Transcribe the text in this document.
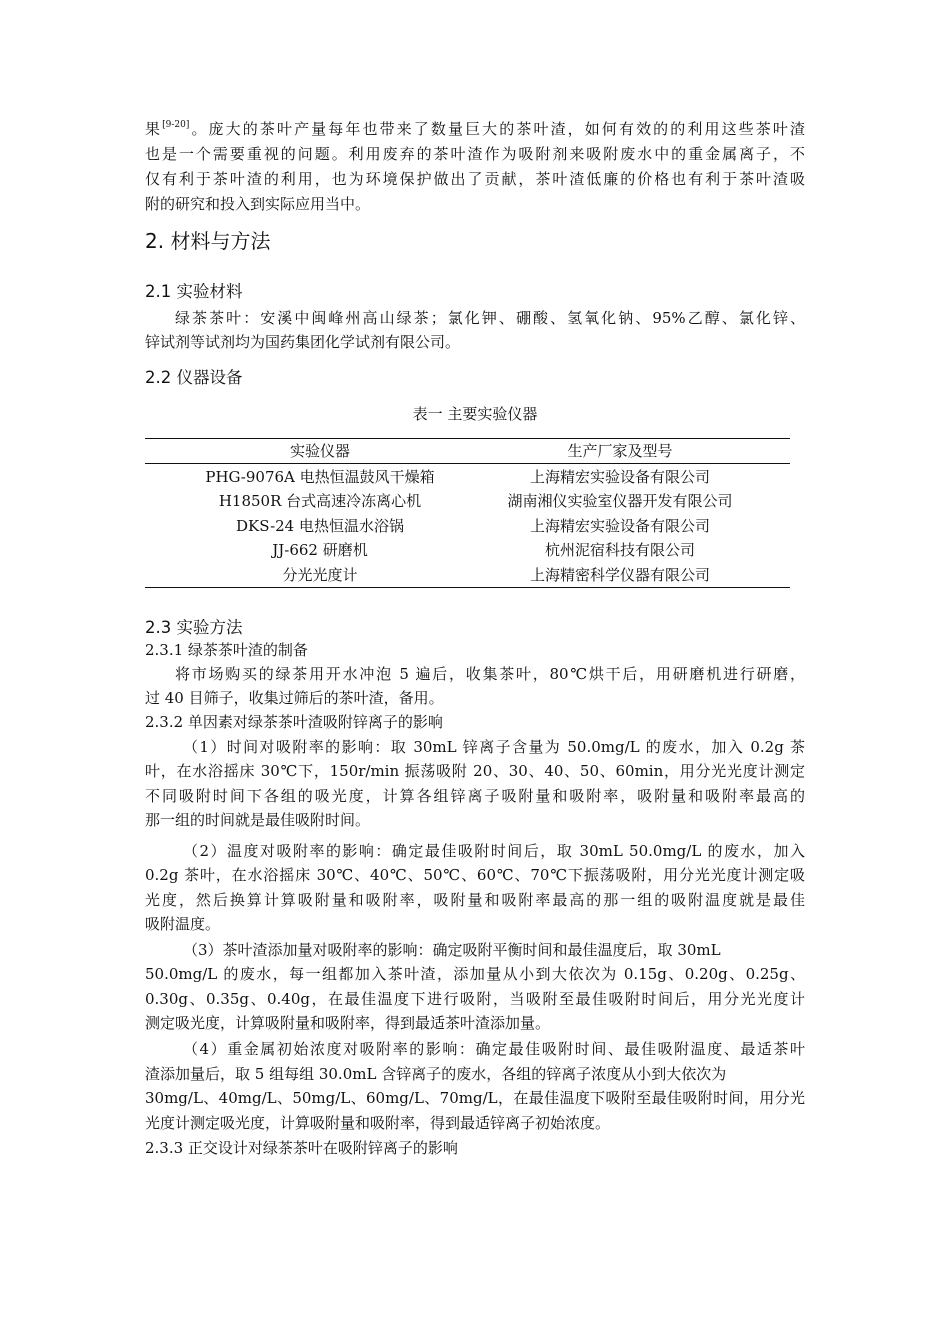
果[9-20]。庞大的茶叶产量每年也带来了数量巨大的茶叶渣，如何有效的的利用这些茶叶渣
也是一个需要重视的问题。利用废弃的茶叶渣作为吸附剂来吸附废水中的重金属离子，不
仅有利于茶叶渣的利用，也为环境保护做出了贡献，茶叶渣低廉的价格也有利于茶叶渣吸
附的研究和投入到实际应用当中。
2. 材料与方法
2.1 实验材料
绿茶茶叶：安溪中闽峰州高山绿茶；氯化钾、硼酸、氢氧化钠、95%乙醇、氯化锌、
锌试剂等试剂均为国药集团化学试剂有限公司。
2.2 仪器设备
表一 主要实验仪器
实验仪器	生产厂家及型号
PHG-9076A 电热恒温鼓风干燥箱	上海精宏实验设备有限公司
H1850R 台式高速冷冻离心机	湖南湘仪实验室仪器开发有限公司
DKS-24 电热恒温水浴锅	上海精宏实验设备有限公司
JJ-662 研磨机	杭州泥宿科技有限公司
分光光度计	上海精密科学仪器有限公司
2.3 实验方法
2.3.1 绿茶茶叶渣的制备
将市场购买的绿茶用开水冲泡 5 遍后，收集茶叶，80℃烘干后，用研磨机进行研磨，
过 40 目筛子，收集过筛后的茶叶渣，备用。
2.3.2 单因素对绿茶茶叶渣吸附锌离子的影响
（1）时间对吸附率的影响：取 30mL 锌离子含量为 50.0mg/L 的废水，加入 0.2g 茶
叶，在水浴摇床 30℃下，150r/min 振荡吸附 20、30、40、50、60min，用分光光度计测定
不同吸附时间下各组的吸光度，计算各组锌离子吸附量和吸附率，吸附量和吸附率最高的
那一组的时间就是最佳吸附时间。
（2）温度对吸附率的影响：确定最佳吸附时间后，取 30mL 50.0mg/L 的废水，加入
0.2g 茶叶，在水浴摇床 30℃、40℃、50℃、60℃、70℃下振荡吸附，用分光光度计测定吸
光度，然后换算计算吸附量和吸附率，吸附量和吸附率最高的那一组的吸附温度就是最佳
吸附温度。
（3）茶叶渣添加量对吸附率的影响：确定吸附平衡时间和最佳温度后，取 30mL
50.0mg/L 的废水，每一组都加入茶叶渣，添加量从小到大依次为 0.15g、0.20g、0.25g、
0.30g、0.35g、0.40g，在最佳温度下进行吸附，当吸附至最佳吸附时间后，用分光光度计
测定吸光度，计算吸附量和吸附率，得到最适茶叶渣添加量。
（4）重金属初始浓度对吸附率的影响：确定最佳吸附时间、最佳吸附温度、最适茶叶
渣添加量后，取 5 组每组 30.0mL 含锌离子的废水，各组的锌离子浓度从小到大依次为
30mg/L、40mg/L、50mg/L、60mg/L、70mg/L，在最佳温度下吸附至最佳吸附时间，用分光
光度计测定吸光度，计算吸附量和吸附率，得到最适锌离子初始浓度。
2.3.3 正交设计对绿茶茶叶在吸附锌离子的影响
